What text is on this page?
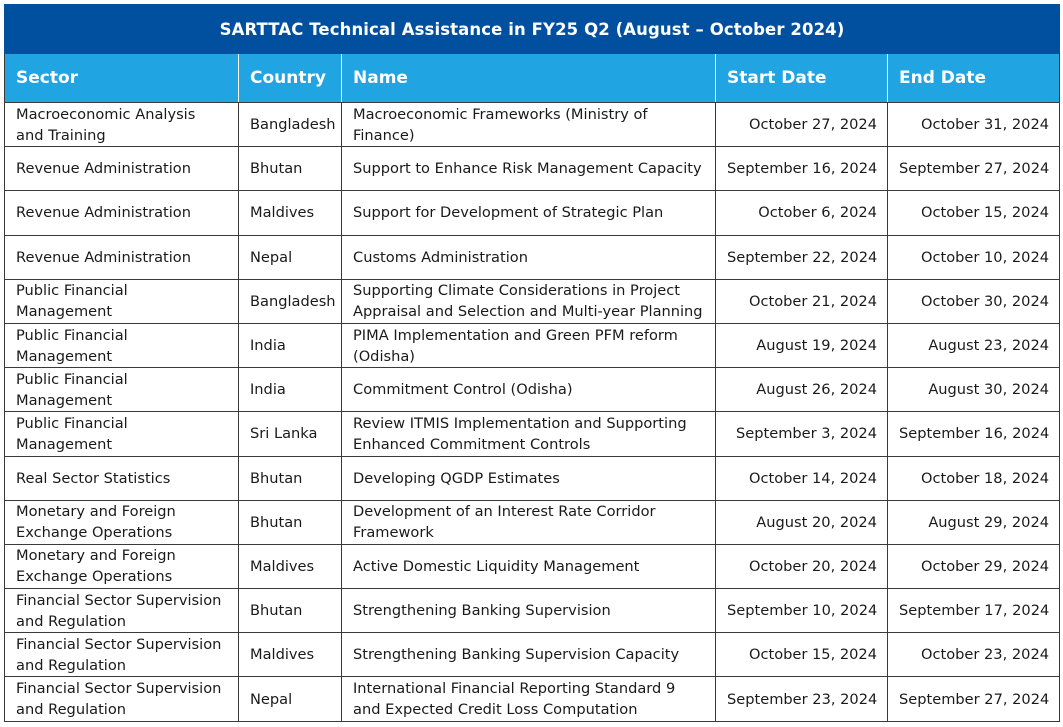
SARTTAC Technical Assistance in FY25 Q2 (August – October 2024)				
Sector	Country	Name	Start Date	End Date
Macroeconomic Analysis and Training	Bangladesh	Macroeconomic Frameworks (Ministry of Finance)	October 27, 2024	October 31, 2024
Revenue Administration	Bhutan	Support to Enhance Risk Management Capacity	September 16, 2024	September 27, 2024
Revenue Administration	Maldives	Support for Development of Strategic Plan	October 6, 2024	October 15, 2024
Revenue Administration	Nepal	Customs Administration	September 22, 2024	October 10, 2024
Public Financial Management	Bangladesh	Supporting Climate Considerations in Project Appraisal and Selection and Multi-year Planning	October 21, 2024	October 30, 2024
Public Financial Management	India	PIMA Implementation and Green PFM reform (Odisha)	August 19, 2024	August 23, 2024
Public Financial Management	India	Commitment Control (Odisha)	August 26, 2024	August 30, 2024
Public Financial Management	Sri Lanka	Review ITMIS Implementation and Supporting Enhanced Commitment Controls	September 3, 2024	September 16, 2024
Real Sector Statistics	Bhutan	Developing QGDP Estimates	October 14, 2024	October 18, 2024
Monetary and Foreign Exchange Operations	Bhutan	Development of an Interest Rate Corridor Framework	August 20, 2024	August 29, 2024
Monetary and Foreign Exchange Operations	Maldives	Active Domestic Liquidity Management	October 20, 2024	October 29, 2024
Financial Sector Supervision and Regulation	Bhutan	Strengthening Banking Supervision	September 10, 2024	September 17, 2024
Financial Sector Supervision and Regulation	Maldives	Strengthening Banking Supervision Capacity	October 15, 2024	October 23, 2024
Financial Sector Supervision and Regulation	Nepal	International Financial Reporting Standard 9 and Expected Credit Loss Computation	September 23, 2024	September 27, 2024
